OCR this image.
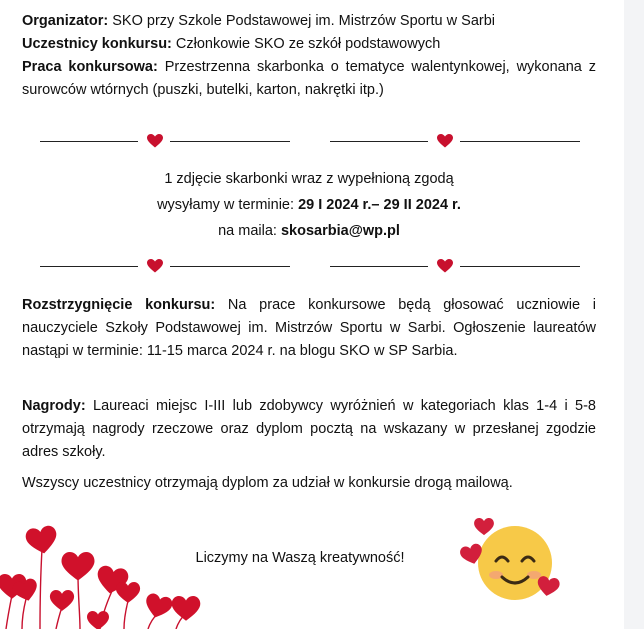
Organizator: SKO przy Szkole Podstawowej im. Mistrzów Sportu w Sarbi
Uczestnicy konkursu: Członkowie SKO ze szkół podstawowych
Praca konkursowa: Przestrzenna skarbonka o tematyce walentynkowej, wykonana z surowców wtórnych (puszki, butelki, karton, nakrętki itp.)
1 zdjęcie skarbonki wraz z wypełnioną zgodą
wysyłamy w terminie: 29 I 2024 r.– 29 II 2024 r.
na maila: skosarbia@wp.pl
Rozstrzygnięcie konkursu: Na prace konkursowe będą głosować uczniowie i nauczyciele Szkoły Podstawowej im. Mistrzów Sportu w Sarbi. Ogłoszenie laureatów nastąpi w terminie: 11-15 marca 2024 r. na blogu SKO w SP Sarbia.
Nagrody: Laureaci miejsc I-III lub zdobywcy wyróżnień w kategoriach klas 1-4 i 5-8 otrzymają nagrody rzeczowe oraz dyplom pocztą na wskazany w przesłanej zgodzie adres szkoły.
Wszyscy uczestnicy otrzymają dyplom za udział w konkursie drogą mailową.
Liczymy na Waszą kreatywność!
